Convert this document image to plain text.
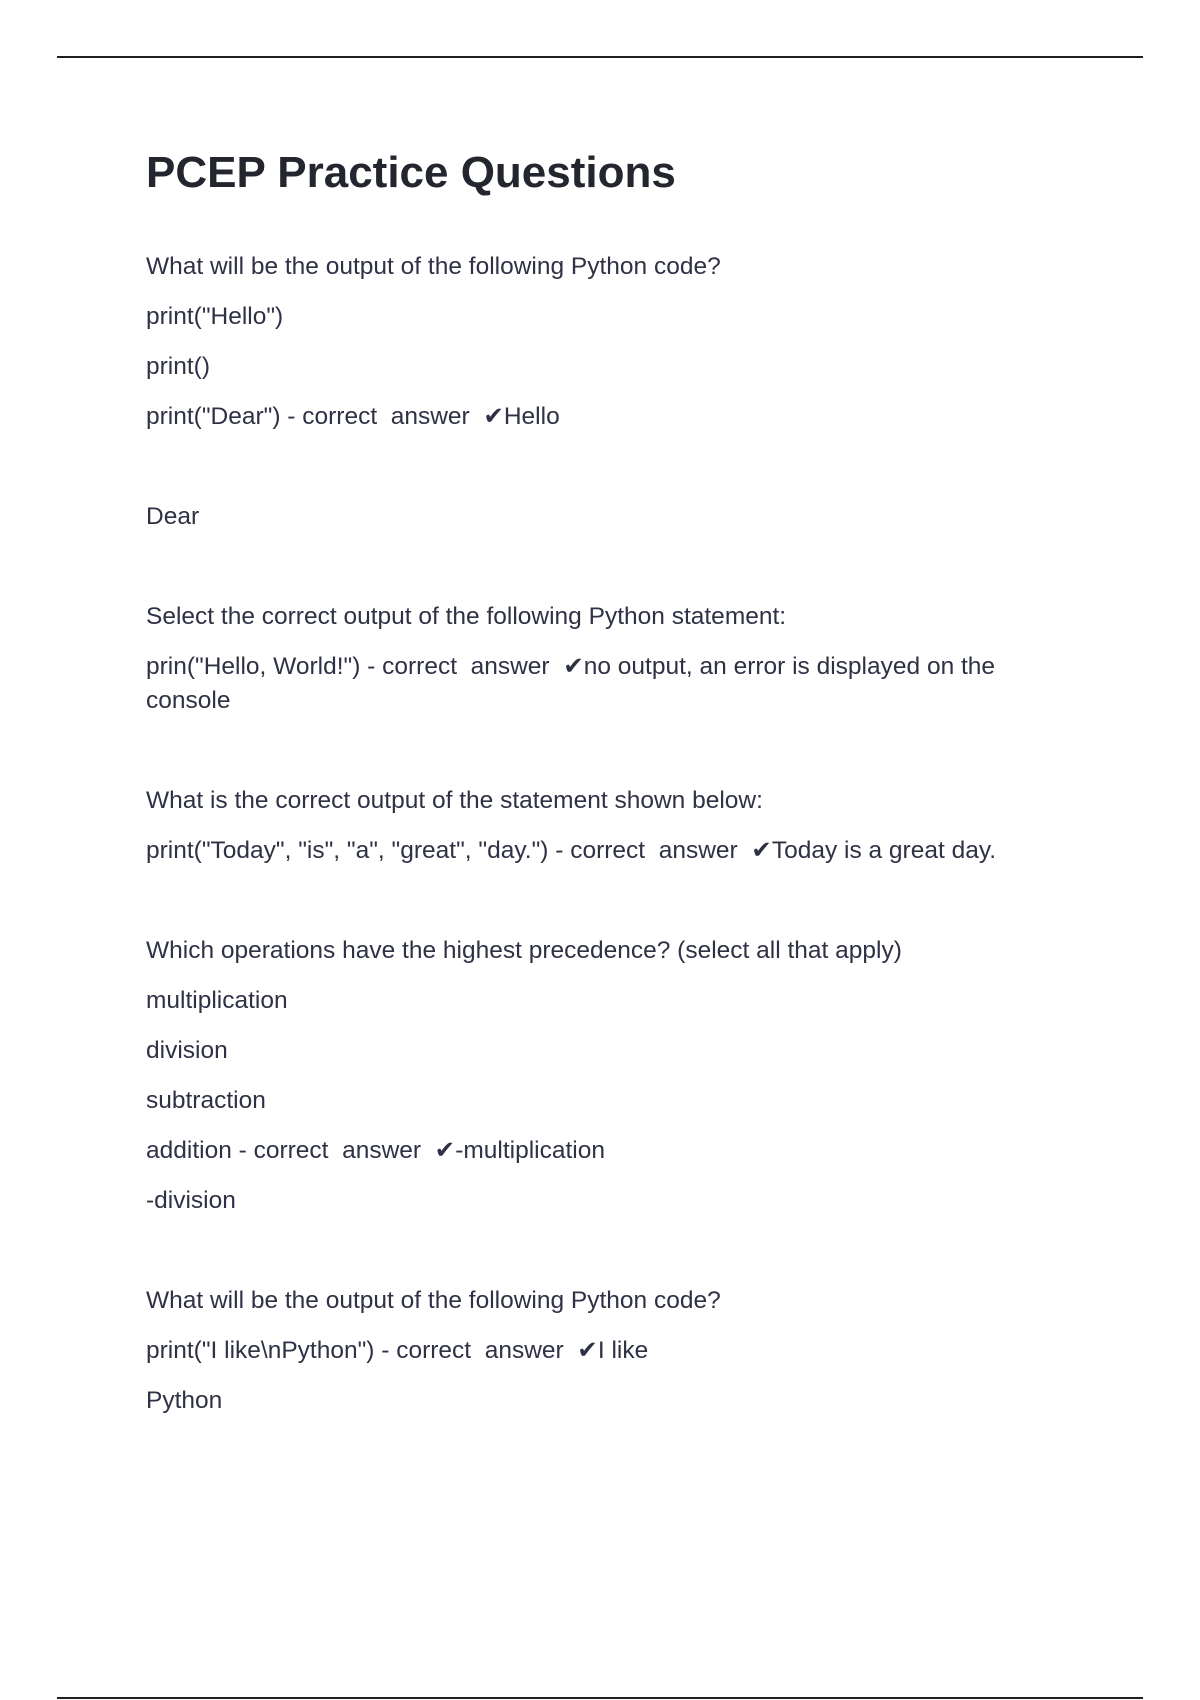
PCEP Practice Questions

What will be the output of the following Python code?

print("Hello")

print()

print("Dear") - correct  answer  ✔Hello

Dear

Select the correct output of the following Python statement:

prin("Hello, World!") - correct  answer  ✔no output, an error is displayed on the console

What is the correct output of the statement shown below:

print("Today", "is", "a", "great", "day.") - correct  answer  ✔Today is a great day.

Which operations have the highest precedence? (select all that apply)

multiplication

division

subtraction

addition - correct  answer  ✔-multiplication

-division

What will be the output of the following Python code?

print("I like\nPython") - correct  answer  ✔I like

Python
